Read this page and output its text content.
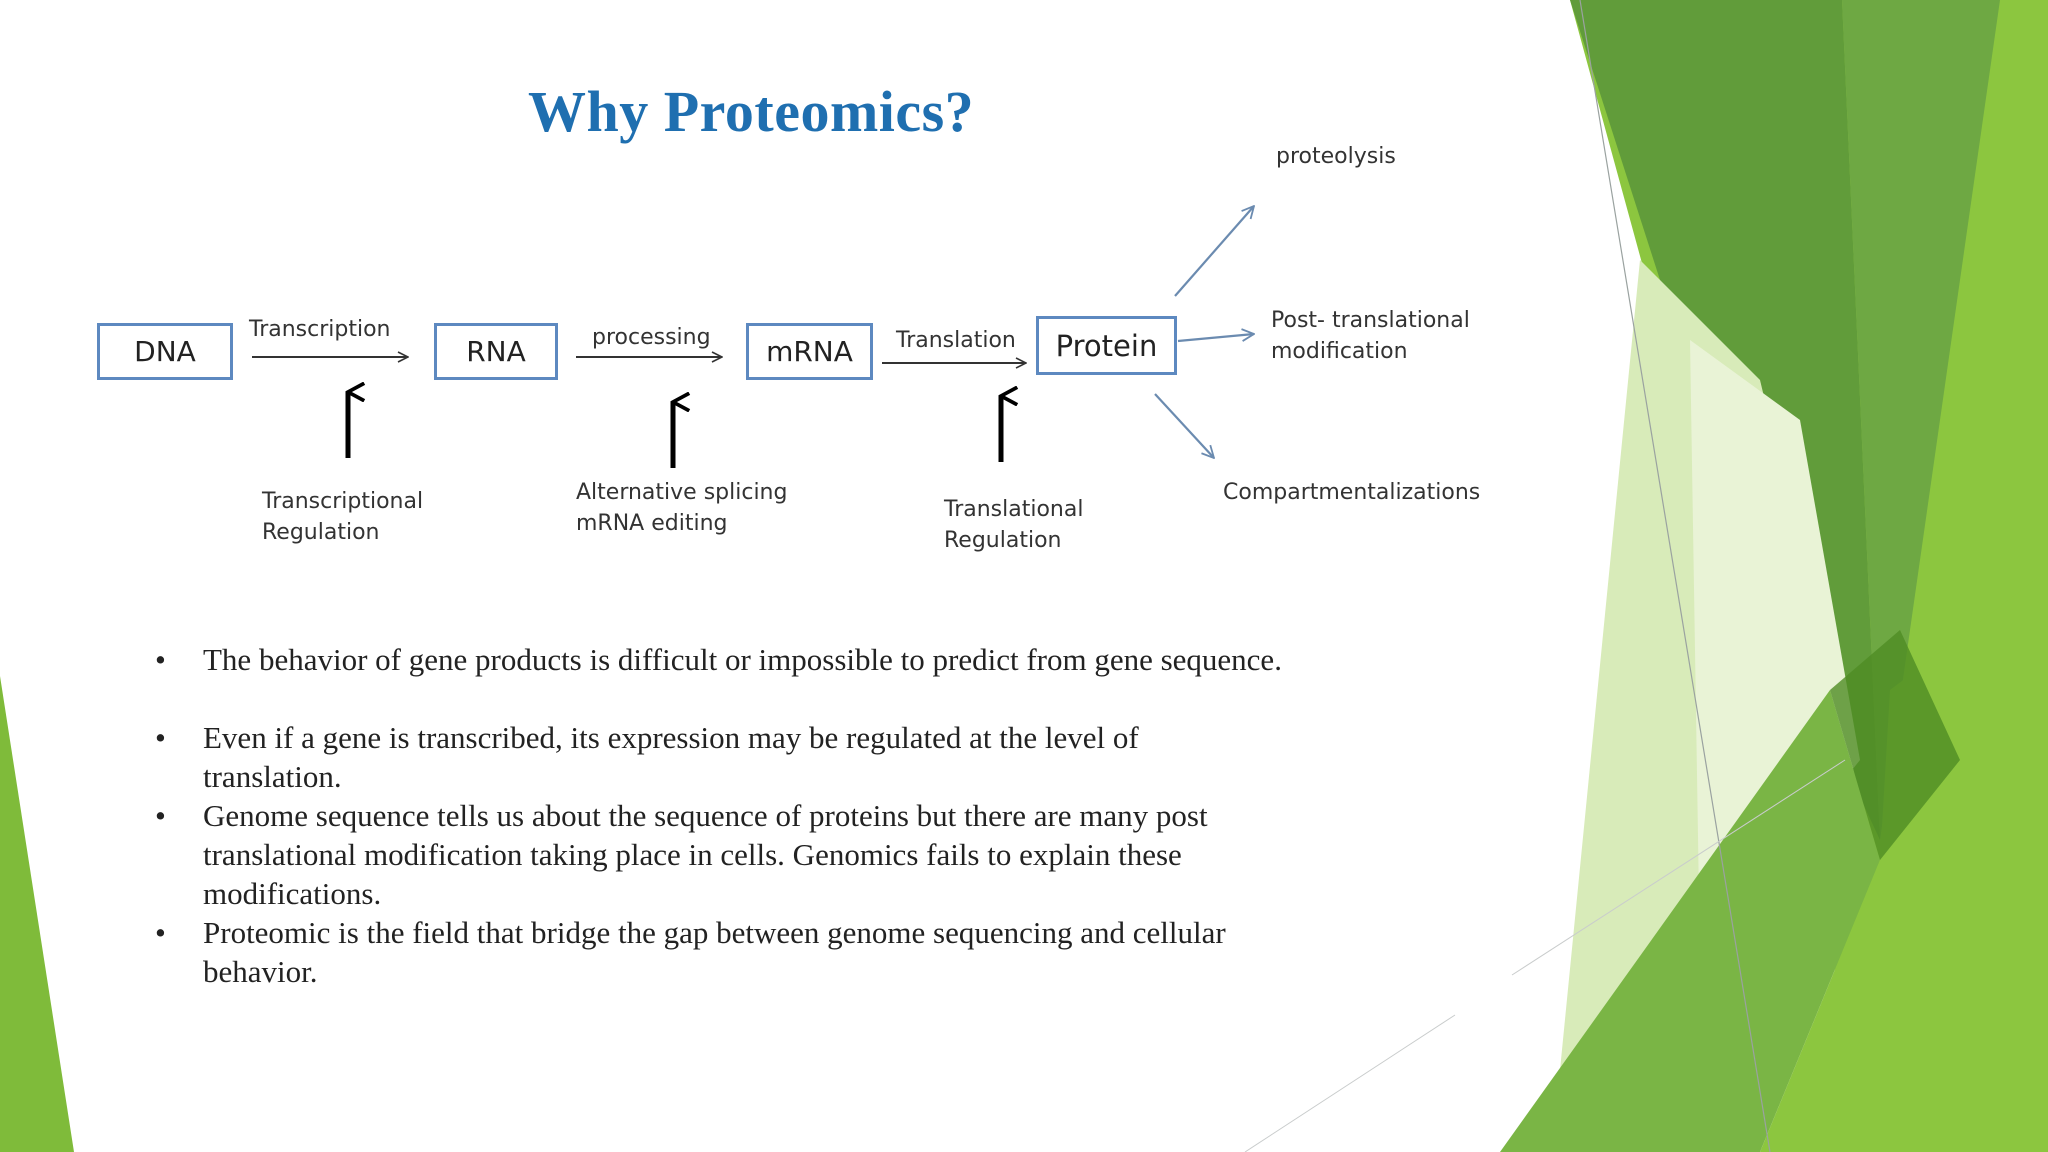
Why Proteomics?
DNA	RNA	mRNA	Protein
Transcription	processing	Translation
Transcriptional
Regulation
Alternative splicing
mRNA editing
Translational
Regulation
proteolysis
Post- translational
modification
Compartmentalizations
• The behavior of gene products is difficult or impossible to predict from gene sequence.
• Even if a gene is transcribed, its expression may be regulated at the level of
translation.
• Genome sequence tells us about the sequence of proteins but there are many post
translational modification taking place in cells. Genomics fails to explain these
modifications.
• Proteomic is the field that bridge the gap between genome sequencing and cellular
behavior.
